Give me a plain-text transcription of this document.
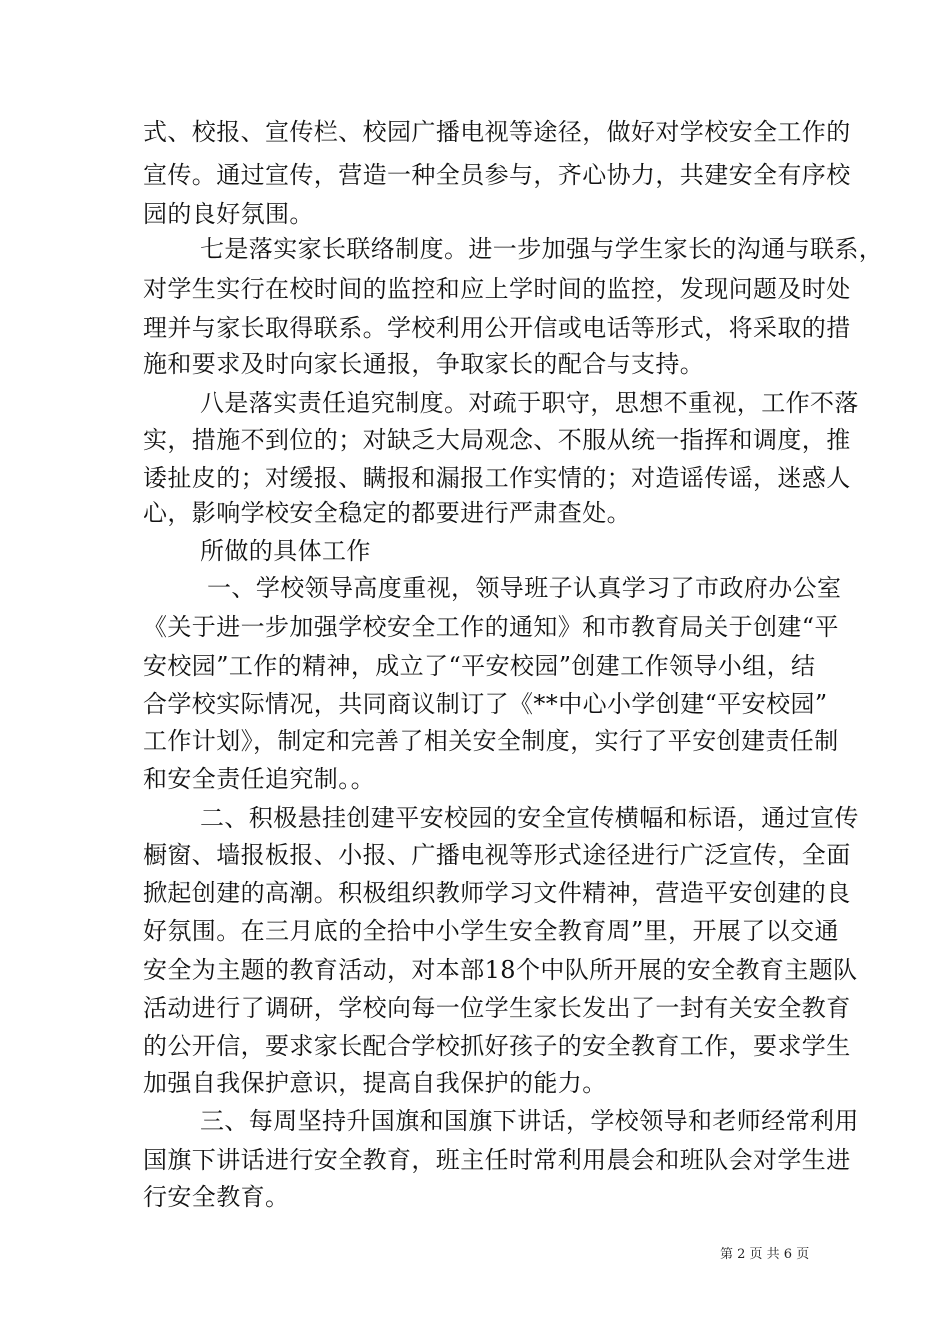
式、校报、宣传栏、校园广播电视等途径，做好对学校安全工作的
宣传。通过宣传，营造一种全员参与，齐心协力，共建安全有序校
园的良好氛围。
七是落实家长联络制度。进一步加强与学生家长的沟通与联系，
对学生实行在校时间的监控和应上学时间的监控，发现问题及时处
理并与家长取得联系。学校利用公开信或电话等形式，将采取的措
施和要求及时向家长通报，争取家长的配合与支持。
八是落实责任追究制度。对疏于职守，思想不重视，工作不落
实，措施不到位的；对缺乏大局观念、不服从统一指挥和调度，推
诿扯皮的；对缓报、瞒报和漏报工作实情的；对造谣传谣，迷惑人
心，影响学校安全稳定的都要进行严肃查处。
所做的具体工作
一、学校领导高度重视，领导班子认真学习了市政府办公室
《关于进一步加强学校安全工作的通知》和市教育局关于创建“平
安校园”工作的精神，成立了“平安校园”创建工作领导小组，结
合学校实际情况，共同商议制订了《**中心小学创建“平安校园”
工作计划》，制定和完善了相关安全制度，实行了平安创建责任制
和安全责任追究制。。
二、积极悬挂创建平安校园的安全宣传横幅和标语，通过宣传
橱窗、墙报板报、小报、广播电视等形式途径进行广泛宣传，全面
掀起创建的高潮。积极组织教师学习文件精神，营造平安创建的良
好氛围。在三月底的全拾中小学生安全教育周”里，开展了以交通
安全为主题的教育活动，对本部18个中队所开展的安全教育主题队
活动进行了调研，学校向每一位学生家长发出了一封有关安全教育
的公开信，要求家长配合学校抓好孩子的安全教育工作，要求学生
加强自我保护意识，提高自我保护的能力。
三、每周坚持升国旗和国旗下讲话，学校领导和老师经常利用
国旗下讲话进行安全教育，班主任时常利用晨会和班队会对学生进
行安全教育。
第 2 页 共 6 页
